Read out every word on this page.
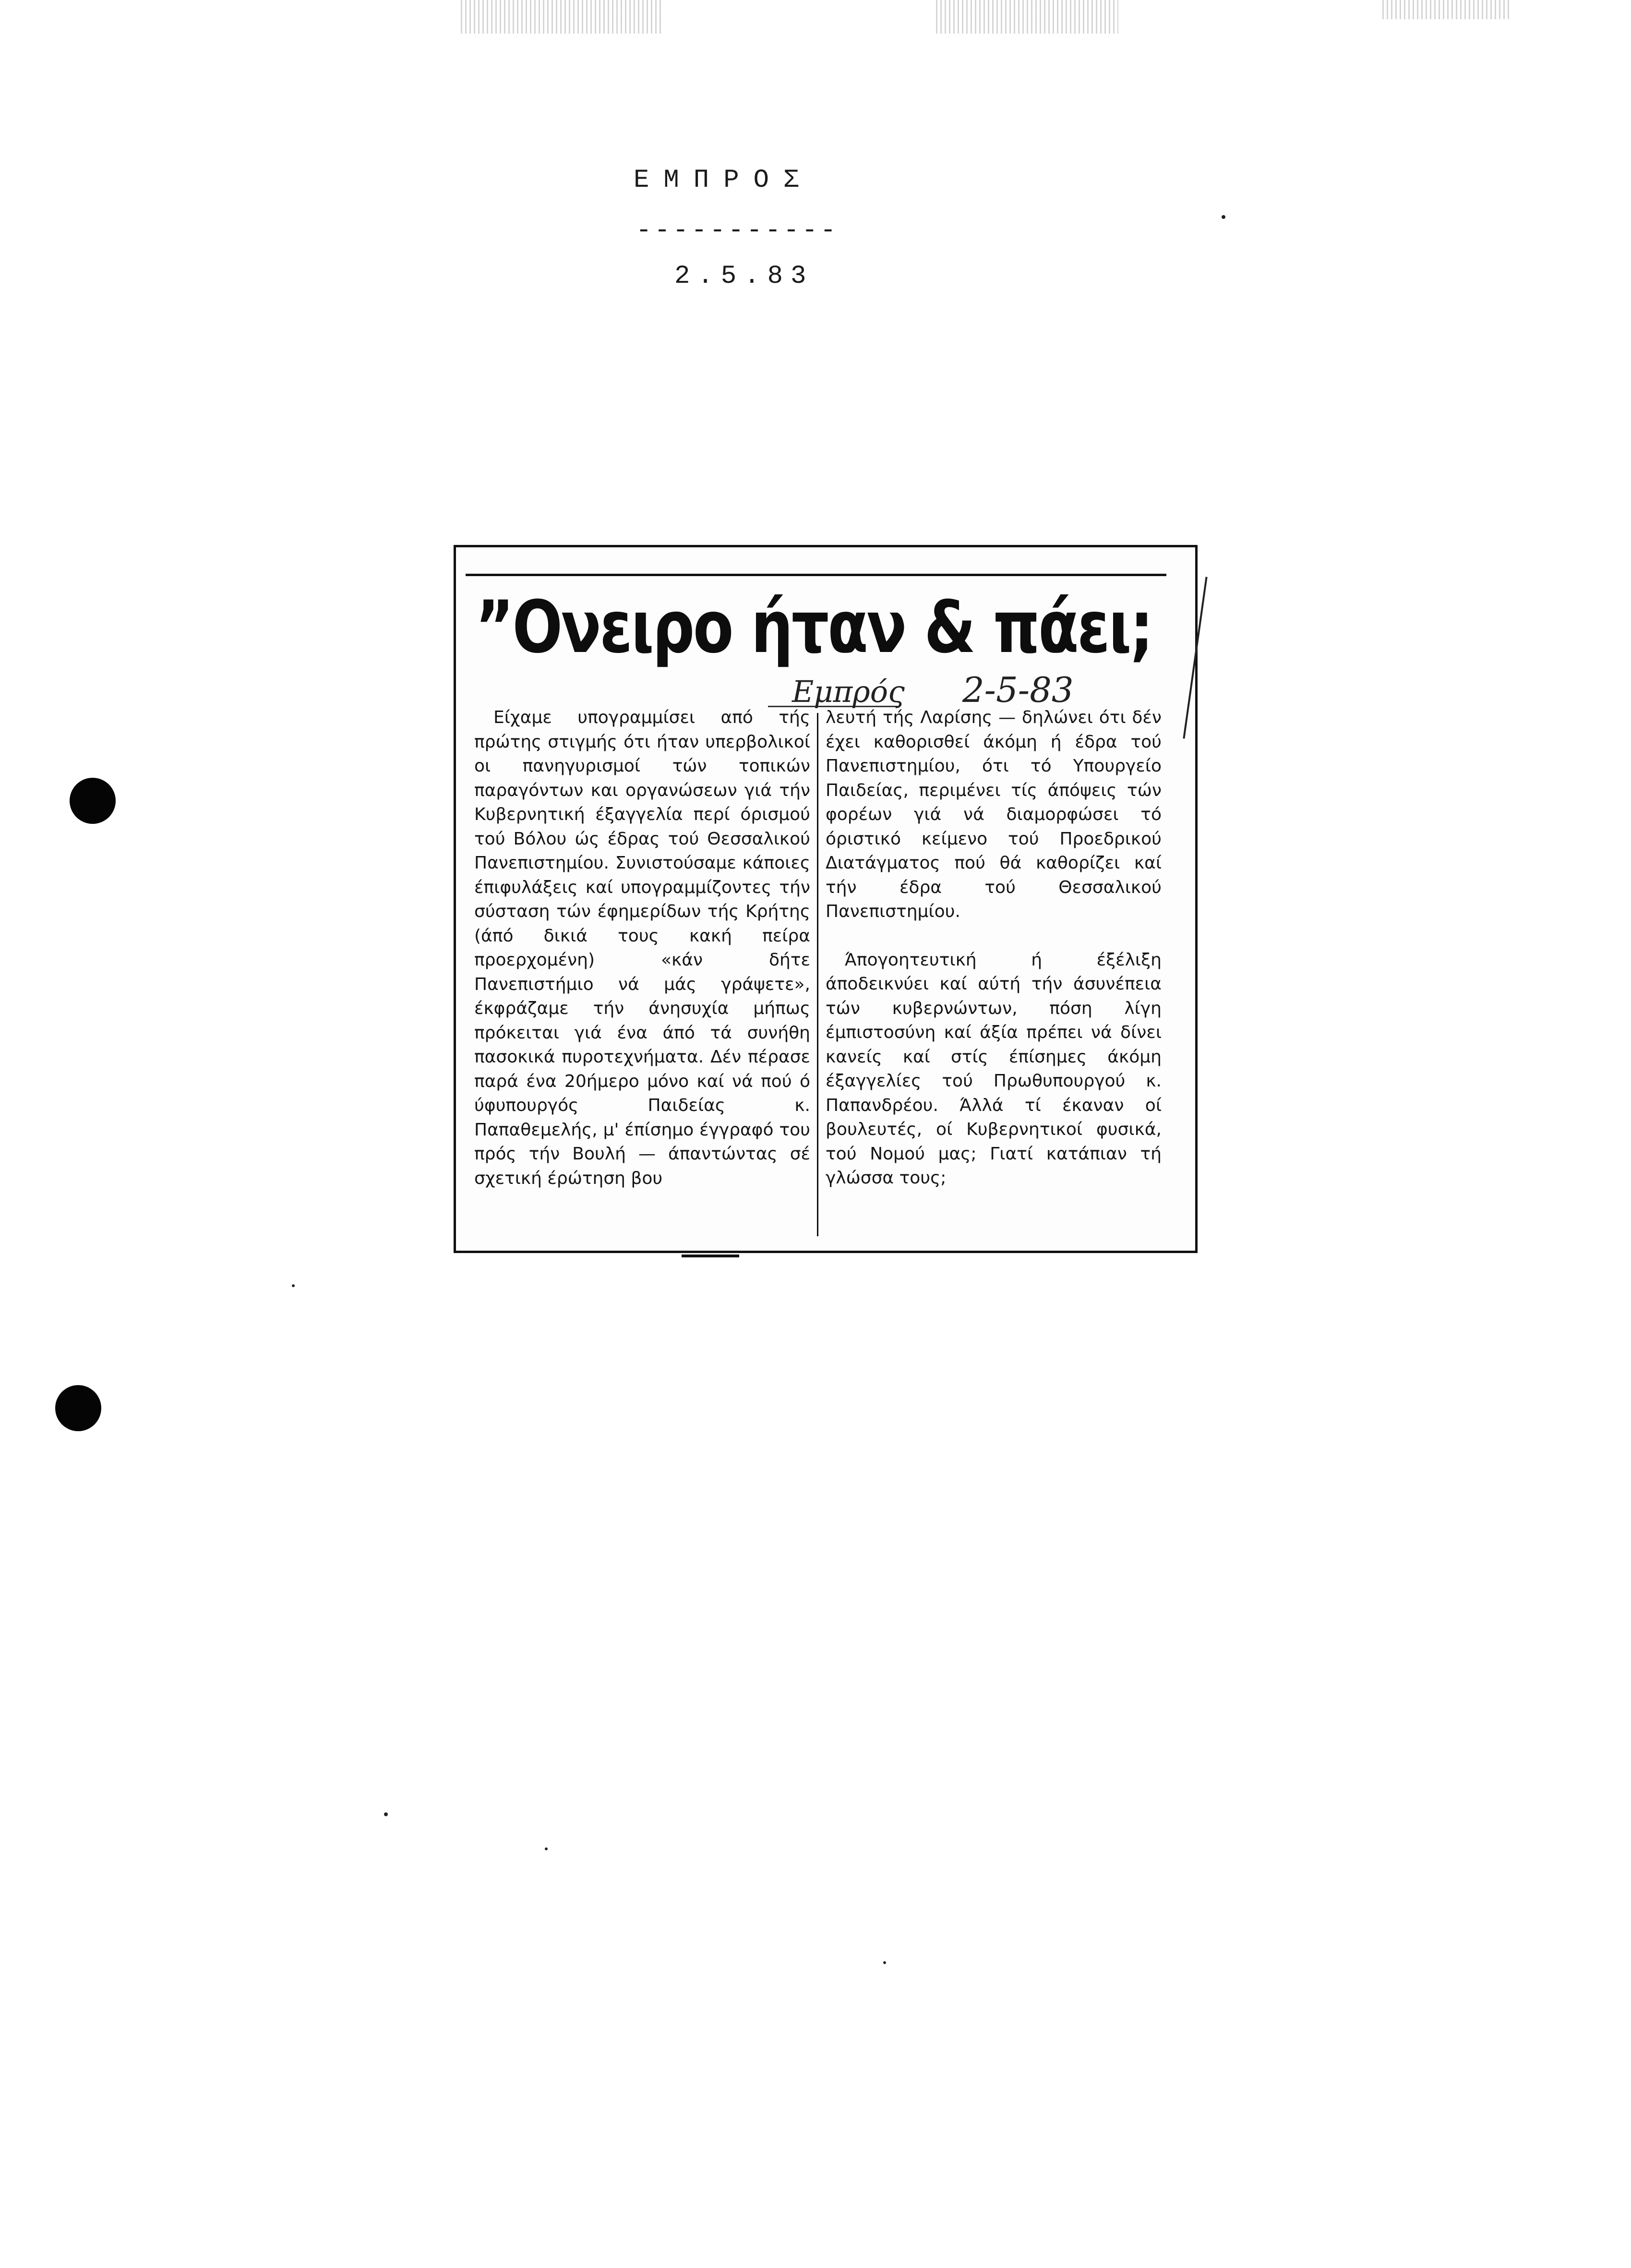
ΕΜΠΡΟΣ
-----------
2.5.83
”Ονειρο ήταν & πάει;
Εμπρός 2-5-83

Είχαμε υπογραμμίσει από τής πρώτης στιγμής ότι ήταν υπερβολικοί οι πανηγυρισμοί τών τοπικών παραγόντων και οργανώσεων γιά τήν Κυβερνητική έξαγγελία περί όρισμού τού Βόλου ώς έδρας τού Θεσσαλικού Πανεπιστημίου. Συνιστούσαμε κάποιες έπιφυλάξεις καί υπογραμμίζοντες τήν σύσταση τών έφημερίδων τής Κρήτης (άπό δικιά τους κακή πείρα προερχομένη) «κάν δήτε Πανεπιστήμιο νά μάς γράψετε», έκφράζαμε τήν άνησυχία μήπως πρόκειται γιά ένα άπό τά συνήθη πασοκικά πυροτεχνήματα. Δέν πέρασε παρά ένα 20ήμερο μόνο καί νά πού ό ύφυπουργός Παιδείας κ. Παπαθεμελής, μ' έπίσημο έγγραφό του πρός τήν Βουλή — άπαντώντας σέ σχετική έρώτηση βου

λευτή τής Λαρίσης — δηλώνει ότι δέν έχει καθορισθεί άκόμη ή έδρα τού Πανεπιστημίου, ότι τό Υπουργείο Παιδείας, περιμένει τίς άπόψεις τών φορέων γιά νά διαμορφώσει τό όριστικό κείμενο τού Προεδρικού Διατάγματος πού θά καθορίζει καί τήν έδρα τού Θεσσαλικού Πανεπιστημίου.

Άπογοητευτική ή έξέλιξη άποδεικνύει καί αύτή τήν άσυνέπεια τών κυβερνώντων, πόση λίγη έμπιστοσύνη καί άξία πρέπει νά δίνει κανείς καί στίς έπίσημες άκόμη έξαγγελίες τού Πρωθυπουργού κ. Παπανδρέου. Άλλά τί έκαναν οί βουλευτές, οί Κυβερνητικοί φυσικά, τού Νομού μας; Γιατί κατάπιαν τή γλώσσα τους;
